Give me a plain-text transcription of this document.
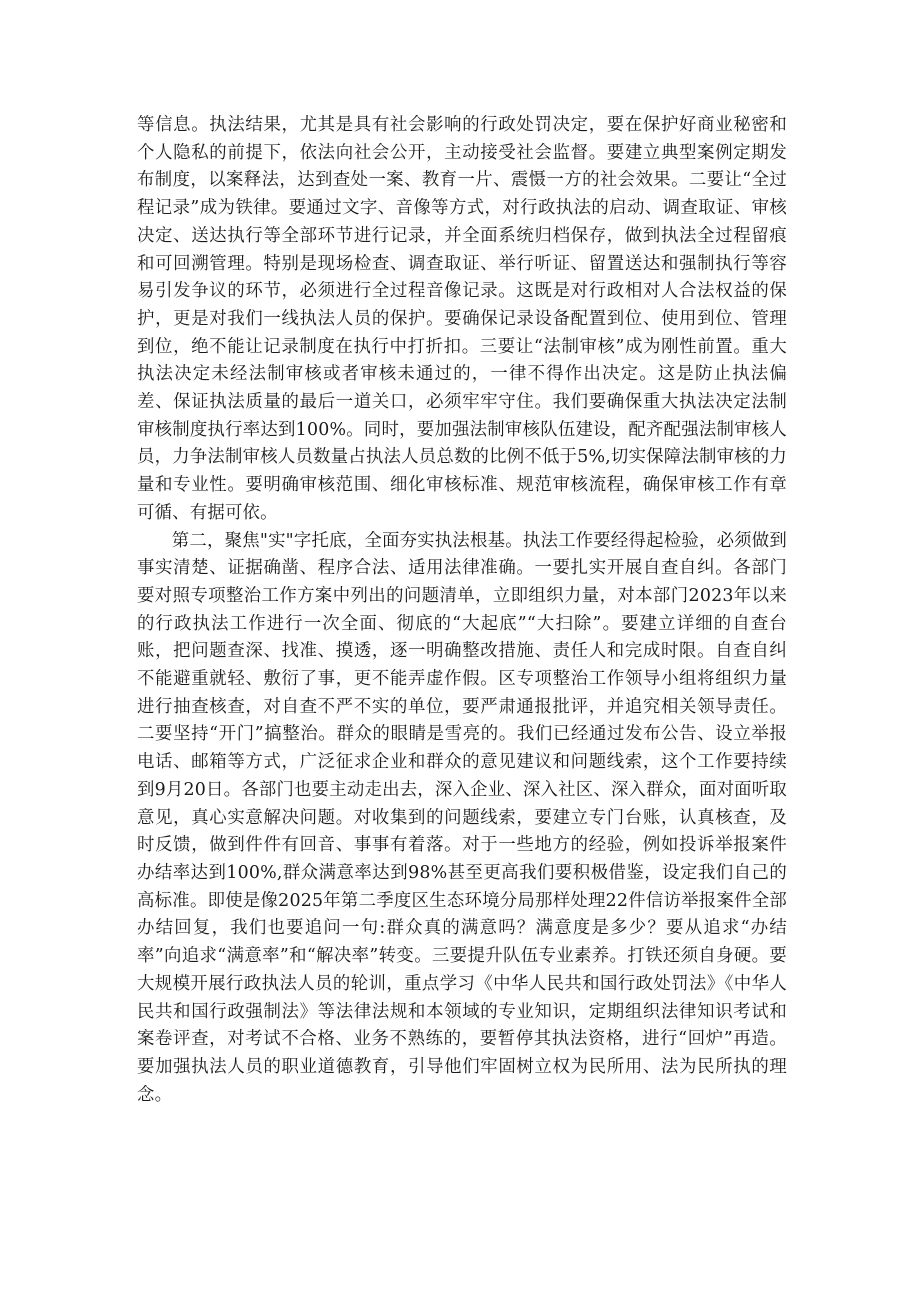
等信息。执法结果，尤其是具有社会影响的行政处罚决定，要在保护好商业秘密和个人隐私的前提下，依法向社会公开，主动接受社会监督。要建立典型案例定期发布制度，以案释法，达到查处一案、教育一片、震慑一方的社会效果。二要让“全过程记录”成为铁律。要通过文字、音像等方式，对行政执法的启动、调查取证、审核决定、送达执行等全部环节进行记录，并全面系统归档保存，做到执法全过程留痕和可回溯管理。特别是现场检查、调查取证、举行听证、留置送达和强制执行等容易引发争议的环节，必须进行全过程音像记录。这既是对行政相对人合法权益的保护，更是对我们一线执法人员的保护。要确保记录设备配置到位、使用到位、管理到位，绝不能让记录制度在执行中打折扣。三要让“法制审核”成为刚性前置。重大执法决定未经法制审核或者审核未通过的，一律不得作出决定。这是防止执法偏差、保证执法质量的最后一道关口，必须牢牢守住。我们要确保重大执法决定法制审核制度执行率达到100%。同时，要加强法制审核队伍建设，配齐配强法制审核人员，力争法制审核人员数量占执法人员总数的比例不低于5%,切实保障法制审核的力量和专业性。要明确审核范围、细化审核标准、规范审核流程，确保审核工作有章可循、有据可依。

第二，聚焦"实"字托底，全面夯实执法根基。执法工作要经得起检验，必须做到事实清楚、证据确凿、程序合法、适用法律准确。一要扎实开展自查自纠。各部门要对照专项整治工作方案中列出的问题清单，立即组织力量，对本部门2023年以来的行政执法工作进行一次全面、彻底的“大起底”“大扫除”。要建立详细的自查台账，把问题查深、找准、摸透，逐一明确整改措施、责任人和完成时限。自查自纠不能避重就轻、敷衍了事，更不能弄虚作假。区专项整治工作领导小组将组织力量进行抽查核查，对自查不严不实的单位，要严肃通报批评，并追究相关领导责任。二要坚持“开门”搞整治。群众的眼睛是雪亮的。我们已经通过发布公告、设立举报电话、邮箱等方式，广泛征求企业和群众的意见建议和问题线索，这个工作要持续到9月20日。各部门也要主动走出去，深入企业、深入社区、深入群众，面对面听取意见，真心实意解决问题。对收集到的问题线索，要建立专门台账，认真核查，及时反馈，做到件件有回音、事事有着落。对于一些地方的经验，例如投诉举报案件办结率达到100%,群众满意率达到98%甚至更高我们要积极借鉴，设定我们自己的高标准。即使是像2025年第二季度区生态环境分局那样处理22件信访举报案件全部办结回复，我们也要追问一句:群众真的满意吗？满意度是多少？要从追求“办结率”向追求“满意率”和“解决率”转变。三要提升队伍专业素养。打铁还须自身硬。要大规模开展行政执法人员的轮训，重点学习《中华人民共和国行政处罚法》《中华人民共和国行政强制法》等法律法规和本领域的专业知识，定期组织法律知识考试和案卷评查，对考试不合格、业务不熟练的，要暂停其执法资格，进行“回炉”再造。要加强执法人员的职业道德教育，引导他们牢固树立权为民所用、法为民所执的理念。
